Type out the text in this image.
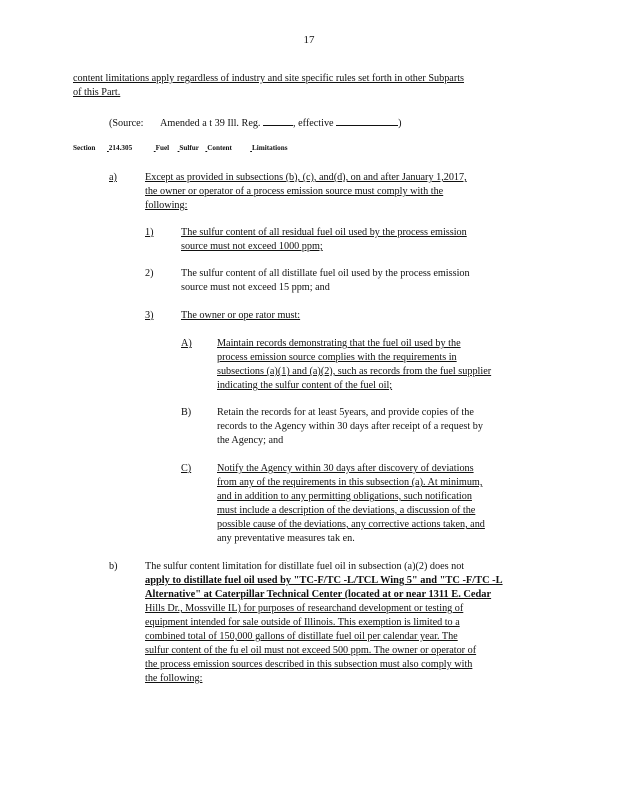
17
content limitations apply regardless of industry and site specific rules set forth in other Subparts
of this Part.
(Source: Amended a t 39 Ill. Reg.	, effective	)
Section 214.305	Fuel Sulfur Content	Limitations
a)	Except as provided in subsections (b), (c), and(d), on and after January 1,2017,
the owner or operator of a process emission source must comply with the
following:
1)	The sulfur content of all residual fuel oil used by the process emission
source must not exceed 1000 ppm;
2)	The sulfur content of all distillate fuel oil used by the process emission
source must not exceed 15 ppm; and
3)	The owner or ope rator must:
A) Maintain records demonstrating that the fuel oil used by the
process emission source complies with the requirements in
subsections (a)(1) and (a)(2), such as records from the fuel supplier
indicating the sulfur content of the fuel oil;
B)	Retain the records for at least 5years, and provide copies of the
records to the Agency within 30 days after receipt of a request by
the Agency; and
C)	Notify the Agency within 30 days after discovery of deviations
from any of the requirements in this subsection (a). At minimum,
and in addition to any permitting obligations, such notification
must include a description of the deviations, a discussion of the
possible cause of the deviations, any corrective actions taken, and
any preventative measures tak en.
b)	The sulfur content limitation for distillate fuel oil in subsection (a)(2) does not
apply to distillate fuel oil used by "TC-F/TC -L/TCL Wing 5" and "TC -F/TC -L
Alternative" at Caterpillar Technical Center (located at or near 1311 E. Cedar
Hills Dr., Mossville IL) for purposes of researchand development or testing of
equipment intended for sale outside of Illinois. This exemption is limited to a
combined total of 150,000 gallons of distillate fuel oil per calendar year. The
sulfur content of the fu el oil must not exceed 500 ppm. The owner or operator of
the process emission sources described in this subsection must also comply with
the following:
